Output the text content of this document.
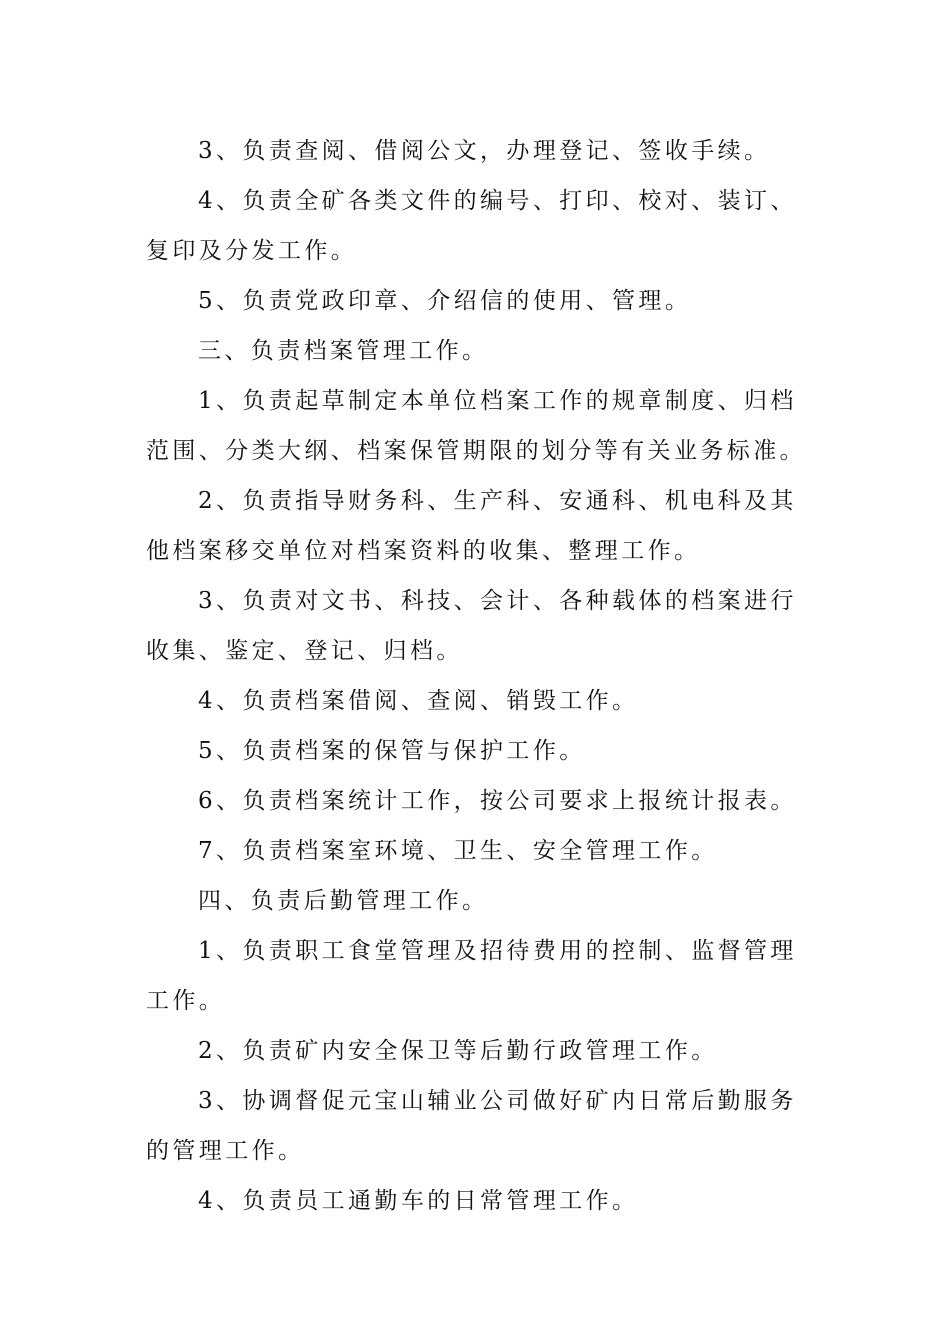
3、负责查阅、借阅公文，办理登记、签收手续。

4、负责全矿各类文件的编号、打印、校对、装订、复印及分发工作。

5、负责党政印章、介绍信的使用、管理。

三、负责档案管理工作。

1、负责起草制定本单位档案工作的规章制度、归档范围、分类大纲、档案保管期限的划分等有关业务标准。

2、负责指导财务科、生产科、安通科、机电科及其他档案移交单位对档案资料的收集、整理工作。

3、负责对文书、科技、会计、各种载体的档案进行收集、鉴定、登记、归档。

4、负责档案借阅、查阅、销毁工作。

5、负责档案的保管与保护工作。

6、负责档案统计工作，按公司要求上报统计报表。

7、负责档案室环境、卫生、安全管理工作。

四、负责后勤管理工作。

1、负责职工食堂管理及招待费用的控制、监督管理工作。

2、负责矿内安全保卫等后勤行政管理工作。

3、协调督促元宝山辅业公司做好矿内日常后勤服务的管理工作。

4、负责员工通勤车的日常管理工作。
